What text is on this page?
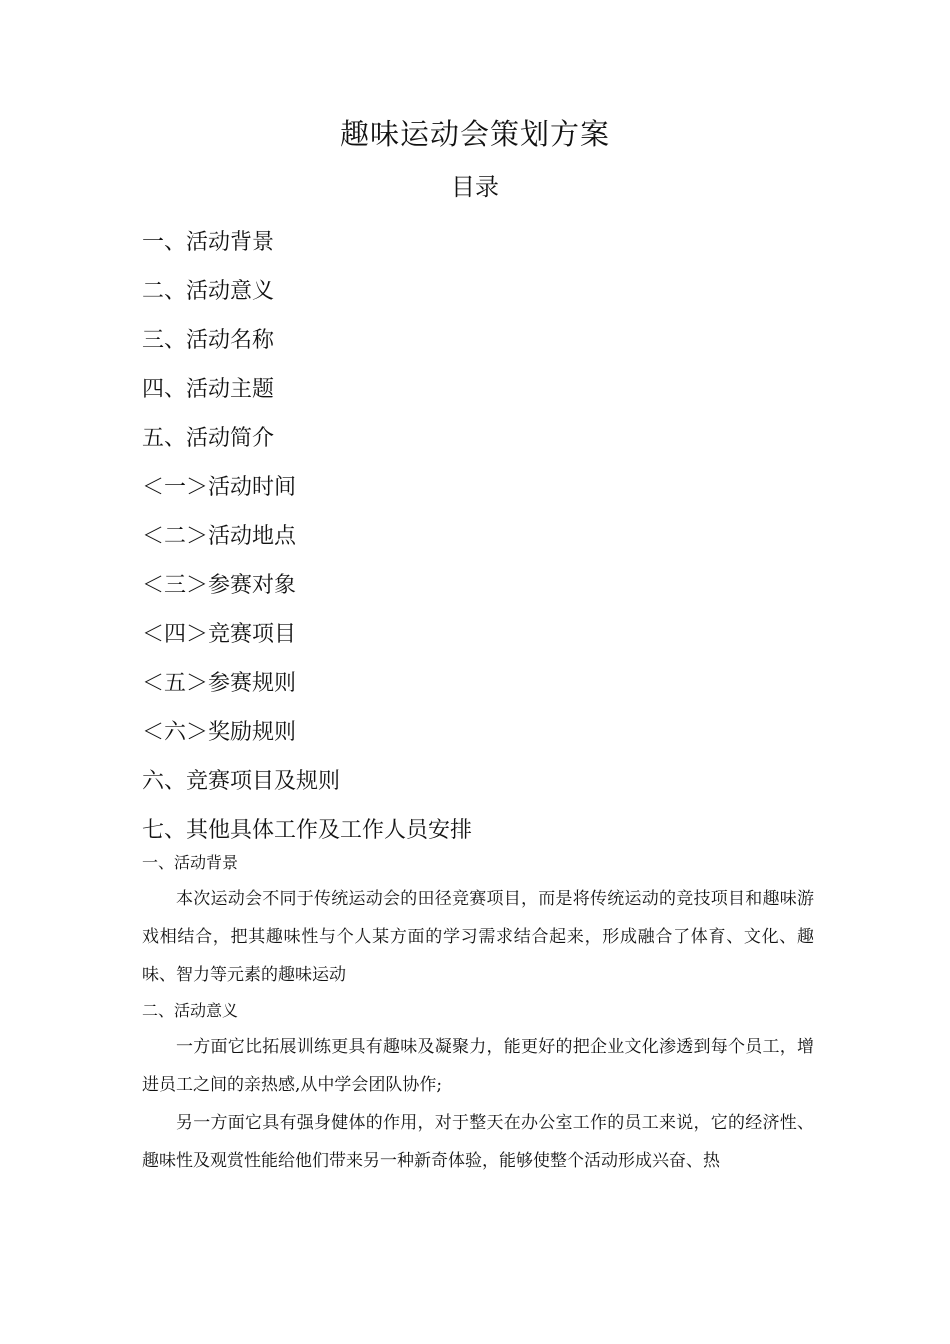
趣味运动会策划方案
目录
一、活动背景
二、活动意义
三、活动名称
四、活动主题
五、活动简介
＜一＞活动时间
＜二＞活动地点
＜三＞参赛对象
＜四＞竞赛项目
＜五＞参赛规则
＜六＞奖励规则
六、竞赛项目及规则
七、其他具体工作及工作人员安排
一、活动背景

本次运动会不同于传统运动会的田径竞赛项目，而是将传统运动的竞技项目和趣味游戏相结合，把其趣味性与个人某方面的学习需求结合起来，形成融合了体育、文化、趣味、智力等元素的趣味运动

二、活动意义

一方面它比拓展训练更具有趣味及凝聚力，能更好的把企业文化渗透到每个员工，增进员工之间的亲热感,从中学会团队协作;

另一方面它具有强身健体的作用，对于整天在办公室工作的员工来说，它的经济性、趣味性及观赏性能给他们带来另一种新奇体验，能够使整个活动形成兴奋、热
